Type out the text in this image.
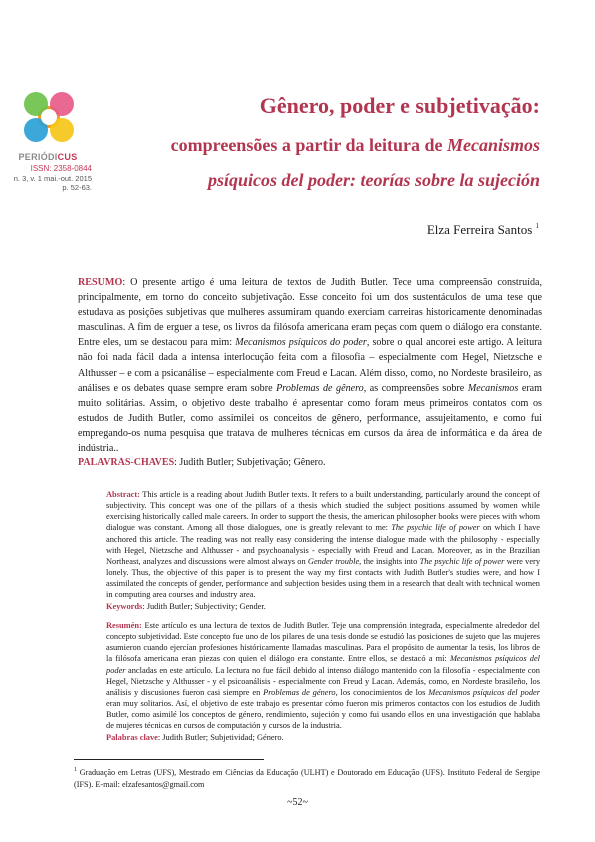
PERIÓDICUS
ISSN: 2358-0844
n. 3, v. 1 mai.-out. 2015
p. 52-63.
Gênero, poder e subjetivação:
compreensões a partir da leitura de Mecanismos
psíquicos del poder: teorías sobre la sujeción
Elza Ferreira Santos $^1$
RESUMO: O presente artigo é uma leitura de textos de Judith Butler. Tece uma compreensão construída, principalmente, em torno do conceito subjetivação. Esse conceito foi um dos sustentáculos de uma tese que estudava as posições subjetivas que mulheres assumiram quando exerciam carreiras historicamente denominadas masculinas. A fim de erguer a tese, os livros da filósofa americana eram peças com quem o diálogo era constante. Entre eles, um se destacou para mim: Mecanismos psíquicos do poder, sobre o qual ancorei este artigo. A leitura não foi nada fácil dada a intensa interlocução feita com a filosofia – especialmente com Hegel, Nietzsche e Althusser – e com a psicanálise – especialmente com Freud e Lacan. Além disso, como, no Nordeste brasileiro, as análises e os debates quase sempre eram sobre Problemas de gênero, as compreensões sobre Mecanismos eram muito solitárias. Assim, o objetivo deste trabalho é apresentar como foram meus primeiros contatos com os estudos de Judith Butler, como assimilei os conceitos de gênero, performance, assujeitamento, e como fui empregando-os numa pesquisa que tratava de mulheres técnicas em cursos da área de informática e da área de indústria..
PALAVRAS-CHAVES: Judith Butler; Subjetivação; Gênero.
Abstract: This article is a reading about Judith Butler texts. It refers to a built understanding, particularly around the concept of subjectivity. This concept was one of the pillars of a thesis which studied the subject positions assumed by women while exercising historically called male careers. In order to support the thesis, the american philosopher books were pieces with whom dialogue was constant. Among all those dialogues, one is greatly relevant to me: The psychic life of power on which I have anchored this article. The reading was not really easy considering the intense dialogue made with the philosophy - especially with Hegel, Nietzsche and Althusser - and psychoanalysis - especially with Freud and Lacan. Moreover, as in the Brazilian Northeast, analyzes and discussions were almost always on Gender trouble, the insights into The psychic life of power were very lonely. Thus, the objective of this paper is to present the way my first contacts with Judith Butler's studies were, and how I assimilated the concepts of gender, performance and subjection besides using them in a research that dealt with technical women in computing area courses and industry area.
Keywords: Judith Butler; Subjectivity; Gender.
Resumén: Este artículo es una lectura de textos de Judith Butler. Teje una comprensión integrada, especialmente alrededor del concepto subjetividad. Este concepto fue uno de los pilares de una tesis donde se estudió las posiciones de sujeto que las mujeres asumieron cuando ejercían profesiones históricamente llamadas masculinas. Para el propósito de aumentar la tesis, los libros de la filósofa americana eran piezas con quien el diálogo era constante. Entre ellos, se destacó a mí: Mecanismos psíquicos del poder ancladas en este artículo. La lectura no fue fácil debido al intenso diálogo mantenido con la filosofía - especialmente con Hegel, Nietzsche y Althusser - y el psicoanálisis - especialmente con Freud y Lacan. Además, como, en Nordeste brasileño, los análisis y discusiones fueron casi siempre en Problemas de género, los conocimientos de los Mecanismos psíquicos del poder eran muy solitarios. Así, el objetivo de este trabajo es presentar cómo fueron mis primeros contactos con los estudios de Judith Butler, como asimilé los conceptos de género, rendimiento, sujeción y como fui usando ellos en una investigación que hablaba de mujeres técnicas en cursos de computación y cursos de la industria.
Palabras clave: Judith Butler; Subjetividad; Género.
$^1$ Graduação em Letras (UFS), Mestrado em Ciências da Educação (ULHT) e Doutorado em Educação (UFS). Instituto Federal de Sergipe (IFS). E-mail: elzafesantos@gmail.com
~52~
